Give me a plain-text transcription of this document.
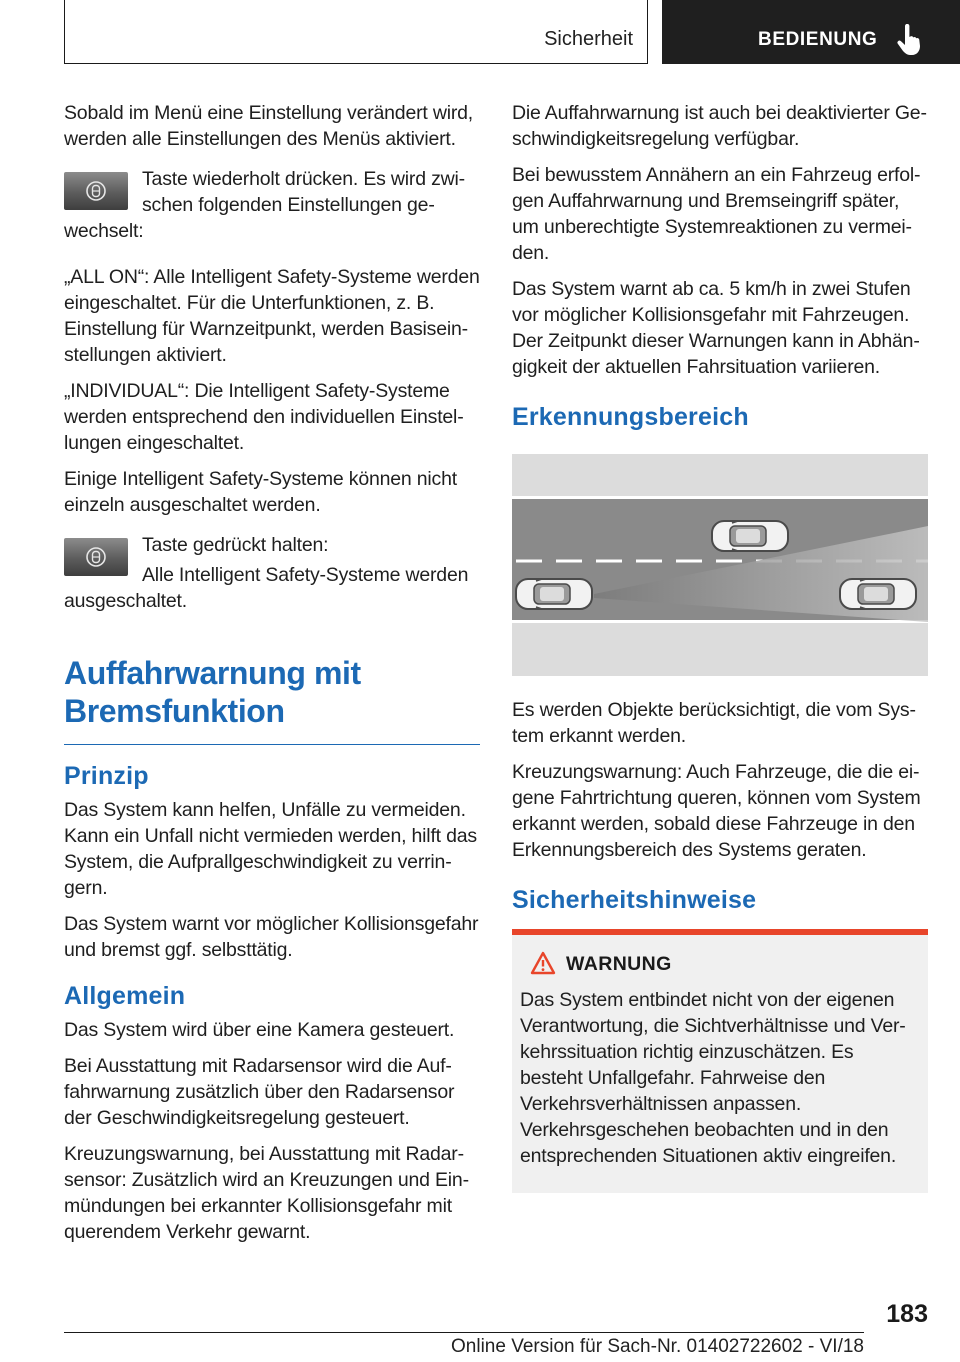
Sicherheit	BEDIENUNG

Sobald im Menü eine Einstellung verändert wird, werden alle Einstellungen des Menüs aktiviert.

Taste wiederholt drücken. Es wird zwischen folgenden Einstellungen gewechselt:

„ALL ON“: Alle Intelligent Safety-Systeme werden eingeschaltet. Für die Unterfunktionen, z. B. Einstellung für Warnzeitpunkt, werden Basiseinstellungen aktiviert.

„INDIVIDUAL“: Die Intelligent Safety-Systeme werden entsprechend den individuellen Einstellungen eingeschaltet.

Einige Intelligent Safety-Systeme können nicht einzeln ausgeschaltet werden.

Taste gedrückt halten:

Alle Intelligent Safety-Systeme werden ausgeschaltet.

Auffahrwarnung mit Bremsfunktion
Prinzip

Das System kann helfen, Unfälle zu vermeiden. Kann ein Unfall nicht vermieden werden, hilft das System, die Aufprallgeschwindigkeit zu verringern.

Das System warnt vor möglicher Kollisionsgefahr und bremst ggf. selbsttätig.

Allgemein

Das System wird über eine Kamera gesteuert.

Bei Ausstattung mit Radarsensor wird die Auffahrwarnung zusätzlich über den Radarsensor der Geschwindigkeitsregelung gesteuert.

Kreuzungswarnung, bei Ausstattung mit Radarsensor: Zusätzlich wird an Kreuzungen und Einmündungen bei erkannter Kollisionsgefahr mit querendem Verkehr gewarnt.

Die Auffahrwarnung ist auch bei deaktivierter Geschwindigkeitsregelung verfügbar.

Bei bewusstem Annähern an ein Fahrzeug erfolgen Auffahrwarnung und Bremseingriff später, um unberechtigte Systemreaktionen zu vermeiden.

Das System warnt ab ca. 5 km/h in zwei Stufen vor möglicher Kollisionsgefahr mit Fahrzeugen. Der Zeitpunkt dieser Warnungen kann in Abhängigkeit der aktuellen Fahrsituation variieren.

Erkennungsbereich

Es werden Objekte berücksichtigt, die vom System erkannt werden.

Kreuzungswarnung: Auch Fahrzeuge, die die eigene Fahrtrichtung queren, können vom System erkannt werden, sobald diese Fahrzeuge in den Erkennungsbereich des Systems geraten.

Sicherheitshinweise
WARNUNG

Das System entbindet nicht von der eigenen Verantwortung, die Sichtverhältnisse und Verkehrssituation richtig einzuschätzen. Es besteht Unfallgefahr. Fahrweise den Verkehrsverhältnissen anpassen. Verkehrsgeschehen beobachten und in den entsprechenden Situationen aktiv eingreifen.

183
Online Version für Sach-Nr. 01402722602 - VI/18
